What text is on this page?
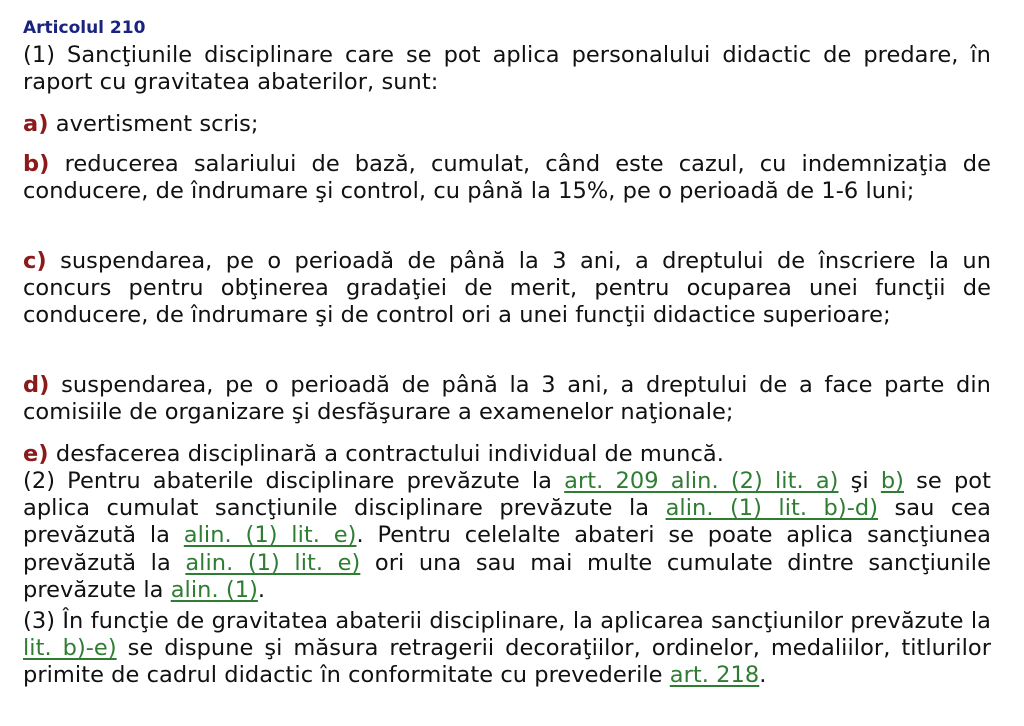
Articolul 210

(1) Sancţiunile disciplinare care se pot aplica personalului didactic de predare, în raport cu gravitatea abaterilor, sunt:

a) avertisment scris;

b) reducerea salariului de bază, cumulat, când este cazul, cu indemnizaţia de conducere, de îndrumare şi control, cu până la 15%, pe o perioadă de 1-6 luni;

c) suspendarea, pe o perioadă de până la 3 ani, a dreptului de înscriere la un concurs pentru obţinerea gradaţiei de merit, pentru ocuparea unei funcţii de conducere, de îndrumare şi de control ori a unei funcţii didactice superioare;

d) suspendarea, pe o perioadă de până la 3 ani, a dreptului de a face parte din comisiile de organizare şi desfăşurare a examenelor naţionale;

e) desfacerea disciplinară a contractului individual de muncă.

(2) Pentru abaterile disciplinare prevăzute la art. 209 alin. (2) lit. a) şi b) se pot aplica cumulat sancţiunile disciplinare prevăzute la alin. (1) lit. b)-d) sau cea prevăzută la alin. (1) lit. e). Pentru celelalte abateri se poate aplica sancţiunea prevăzută la alin. (1) lit. e) ori una sau mai multe cumulate dintre sancţiunile prevăzute la alin. (1).

(3) În funcţie de gravitatea abaterii disciplinare, la aplicarea sancţiunilor prevăzute la lit. b)-e) se dispune şi măsura retragerii decoraţiilor, ordinelor, medaliilor, titlurilor primite de cadrul didactic în conformitate cu prevederile art. 218.
